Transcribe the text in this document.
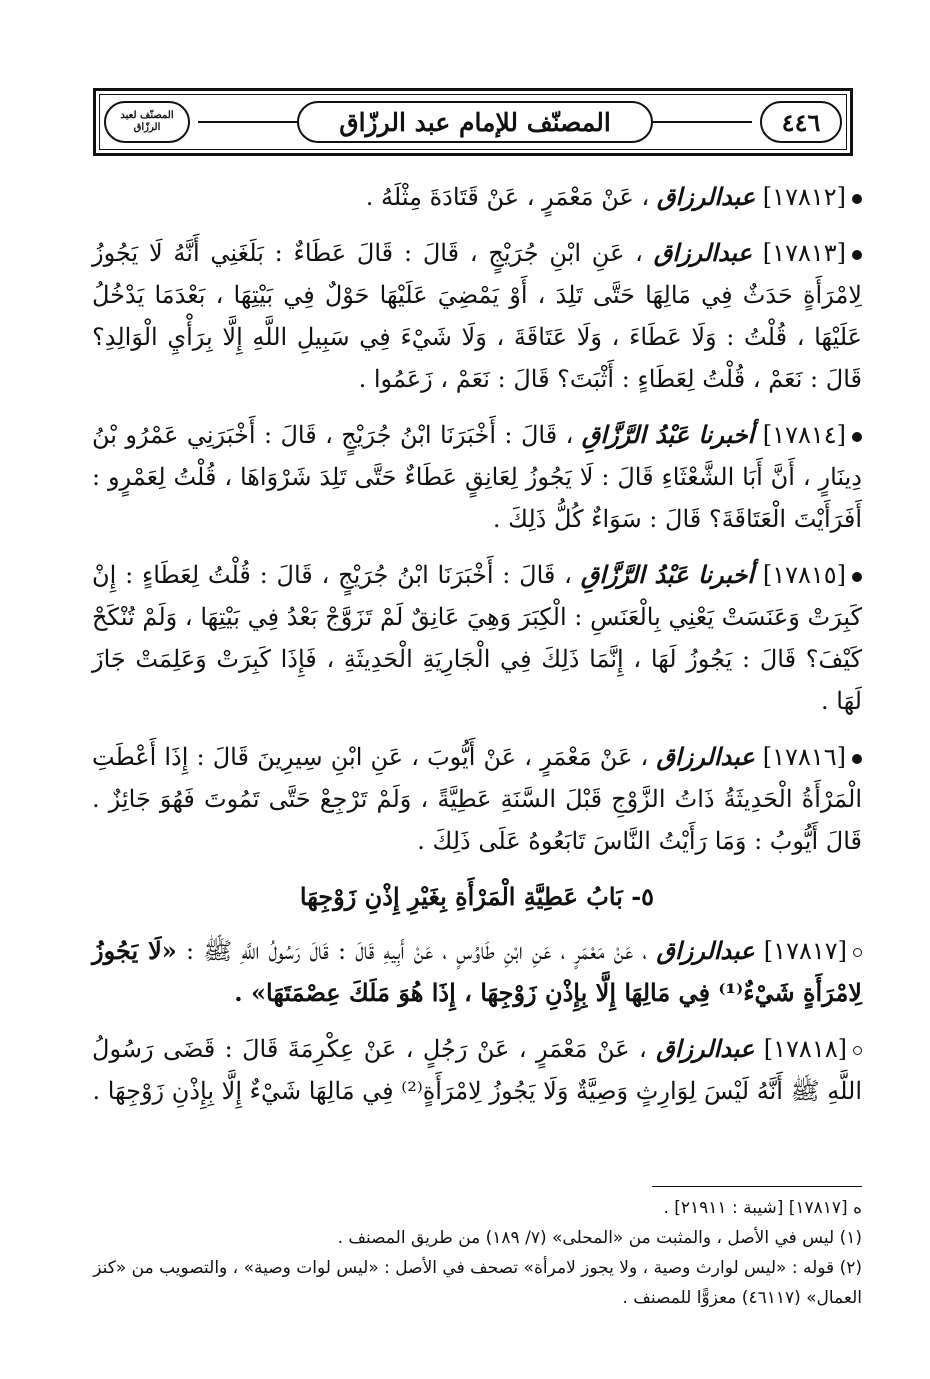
٤٤٦
المصنّف للإمام عبد الرزّاق
المصنّف لعبد الرزّاق
[١٧٨١٢] عبدالرزاق ، عَنْ مَعْمَرٍ ، عَنْ قَتَادَةَ مِثْلَهُ .
[١٧٨١٣] عبدالرزاق ، عَنِ ابْنِ جُرَيْجٍ ، قَالَ : قَالَ عَطَاءٌ : بَلَغَنِي أَنَّهُ لَا يَجُوزُ لِامْرَأَةٍ حَدَثٌ فِي مَالِهَا حَتَّى تَلِدَ ، أَوْ يَمْضِيَ عَلَيْهَا حَوْلٌ فِي بَيْتِهَا ، بَعْدَمَا يَدْخُلُ عَلَيْهَا ، قُلْتُ : وَلَا عَطَاءَ ، وَلَا عَتَاقَةَ ، وَلَا شَيْءَ فِي سَبِيلِ اللَّهِ إِلَّا بِرَأْيِ الْوَالِدِ؟ قَالَ : نَعَمْ ، قُلْتُ لِعَطَاءٍ : أَثْبَتَ؟ قَالَ : نَعَمْ ، زَعَمُوا .
[١٧٨١٤] أخبرنا عَبْدُ الرَّزَّاقِ ، قَالَ : أَخْبَرَنَا ابْنُ جُرَيْجٍ ، قَالَ : أَخْبَرَنِي عَمْرُو بْنُ دِينَارٍ ، أَنَّ أَبَا الشَّعْثَاءِ قَالَ : لَا يَجُوزُ لِعَانِقٍ عَطَاءٌ حَتَّى تَلِدَ شَرْوَاهَا ، قُلْتُ لِعَمْرٍو : أَفَرَأَيْتَ الْعَتَاقَةَ؟ قَالَ : سَوَاءٌ كُلُّ ذَلِكَ .
[١٧٨١٥] أخبرنا عَبْدُ الرَّزَّاقِ ، قَالَ : أَخْبَرَنَا ابْنُ جُرَيْجٍ ، قَالَ : قُلْتُ لِعَطَاءٍ : إِنْ كَبِرَتْ وَعَنَسَتْ يَعْنِي بِالْعَنَسِ : الْكِبَرَ وَهِيَ عَانِقٌ لَمْ تَزَوَّجْ بَعْدُ فِي بَيْتِهَا ، وَلَمْ تُنْكَحْ كَيْفَ؟ قَالَ : يَجُوزُ لَهَا ، إِنَّمَا ذَلِكَ فِي الْجَارِيَةِ الْحَدِيثَةِ ، فَإِذَا كَبِرَتْ وَعَلِمَتْ جَازَ لَهَا .
[١٧٨١٦] عبدالرزاق ، عَنْ مَعْمَرٍ ، عَنْ أَيُّوبَ ، عَنِ ابْنِ سِيرِينَ قَالَ : إِذَا أَعْطَتِ الْمَرْأَةُ الْحَدِيثَةُ ذَاتُ الزَّوْجِ قَبْلَ السَّنَةِ عَطِيَّةً ، وَلَمْ تَرْجِعْ حَتَّى تَمُوتَ فَهُوَ جَائِزٌ . قَالَ أَيُّوبُ : وَمَا رَأَيْتُ النَّاسَ تَابَعُوهُ عَلَى ذَلِكَ .
٥- بَابُ عَطِيَّةِ الْمَرْأَةِ بِغَيْرِ إِذْنِ زَوْجِهَا
[١٧٨١٧] عبدالرزاق ، عَنْ مَعْمَرٍ ، عَنِ ابْنِ طَاوُسٍ ، عَنْ أَبِيهِ قَالَ : قَالَ رَسُولُ اللَّهِ ﷺ : «لَا يَجُوزُ لِامْرَأَةٍ شَيْءٌ⁽¹⁾ فِي مَالِهَا إِلَّا بِإِذْنِ زَوْجِهَا ، إِذَا هُوَ مَلَكَ عِصْمَتَهَا» .
[١٧٨١٨] عبدالرزاق ، عَنْ مَعْمَرٍ ، عَنْ رَجُلٍ ، عَنْ عِكْرِمَةَ قَالَ : قَضَى رَسُولُ اللَّهِ ﷺ أَنَّهُ لَيْسَ لِوَارِثٍ وَصِيَّةٌ وَلَا يَجُوزُ لِامْرَأَةٍ⁽²⁾ فِي مَالِهَا شَيْءٌ إِلَّا بِإِذْنِ زَوْجِهَا .
ه [١٧٨١٧] [شيبة : ٢١٩١١] .
(١) ليس في الأصل ، والمثبت من «المحلى» (٧/ ١٨٩) من طريق المصنف .
(٢) قوله : «ليس لوارث وصية ، ولا يجوز لامرأة» تصحف في الأصل : «ليس لوات وصية» ، والتصويب من «كنز العمال» (٤٦١١٧) معزوًّا للمصنف .
